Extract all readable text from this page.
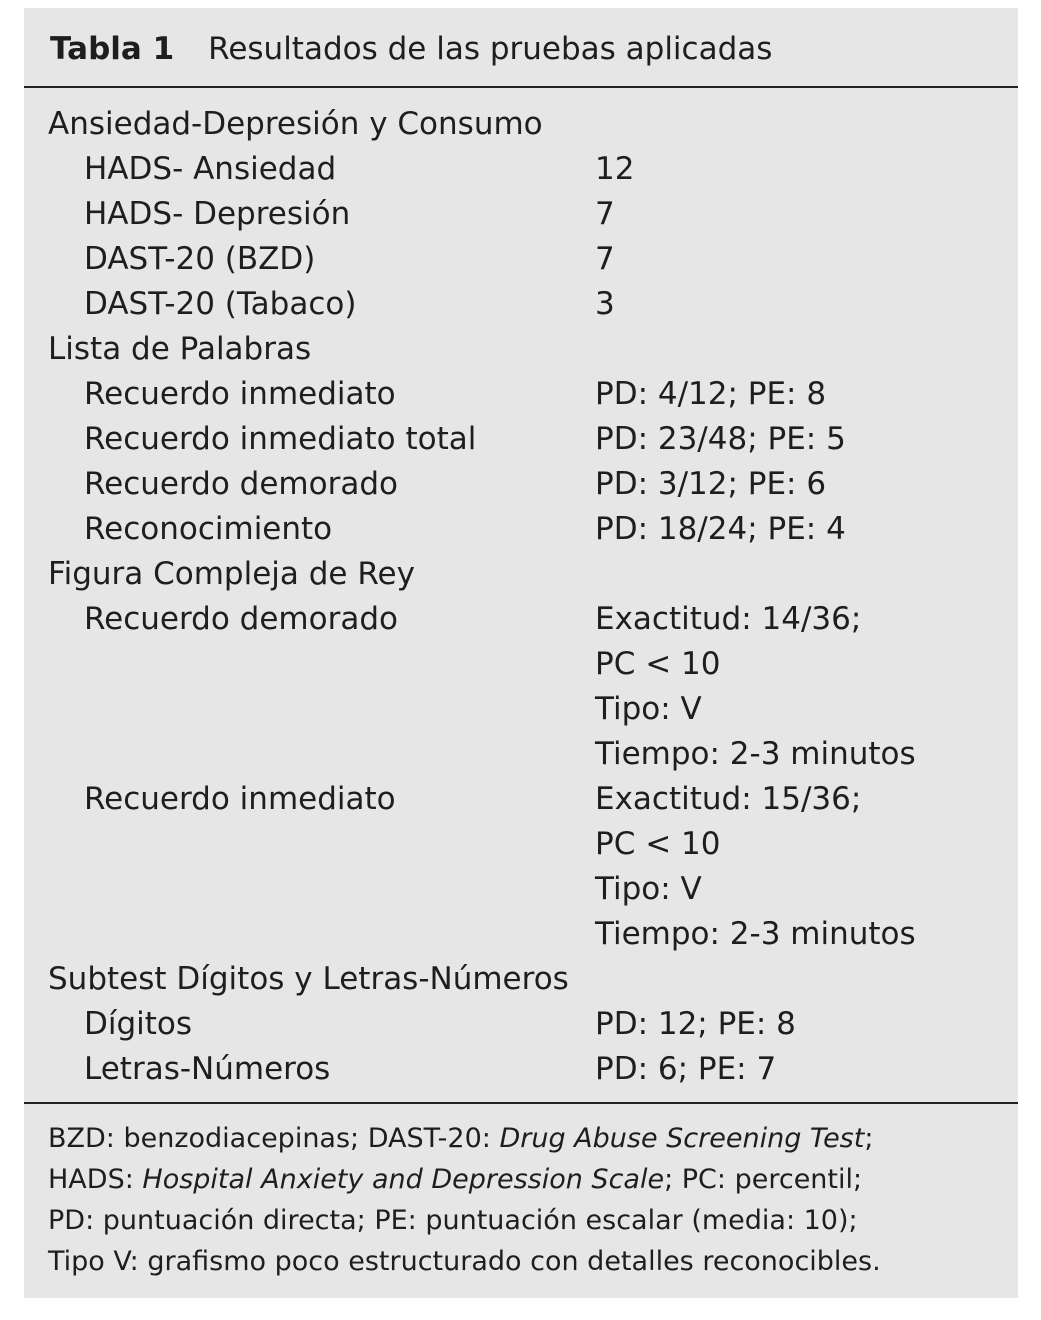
Tabla 1 Resultados de las pruebas aplicadas
Ansiedad-Depresión y Consumo
HADS- Ansiedad	12
HADS- Depresión	7
DAST-20 (BZD)	7
DAST-20 (Tabaco)	3
Lista de Palabras
Recuerdo inmediato	PD: 4/12; PE: 8
Recuerdo inmediato total	PD: 23/48; PE: 5
Recuerdo demorado	PD: 3/12; PE: 6
Reconocimiento	PD: 18/24; PE: 4
Figura Compleja de Rey
Recuerdo demorado	Exactitud: 14/36;
PC < 10
Tipo: V
Tiempo: 2-3 minutos
Recuerdo inmediato	Exactitud: 15/36;
PC < 10
Tipo: V
Tiempo: 2-3 minutos
Subtest Dígitos y Letras-Números
Dígitos	PD: 12; PE: 8
Letras-Números	PD: 6; PE: 7
BZD: benzodiacepinas; DAST-20: Drug Abuse Screening Test;
HADS: Hospital Anxiety and Depression Scale; PC: percentil;
PD: puntuación directa; PE: puntuación escalar (media: 10);
Tipo V: grafismo poco estructurado con detalles reconocibles.
